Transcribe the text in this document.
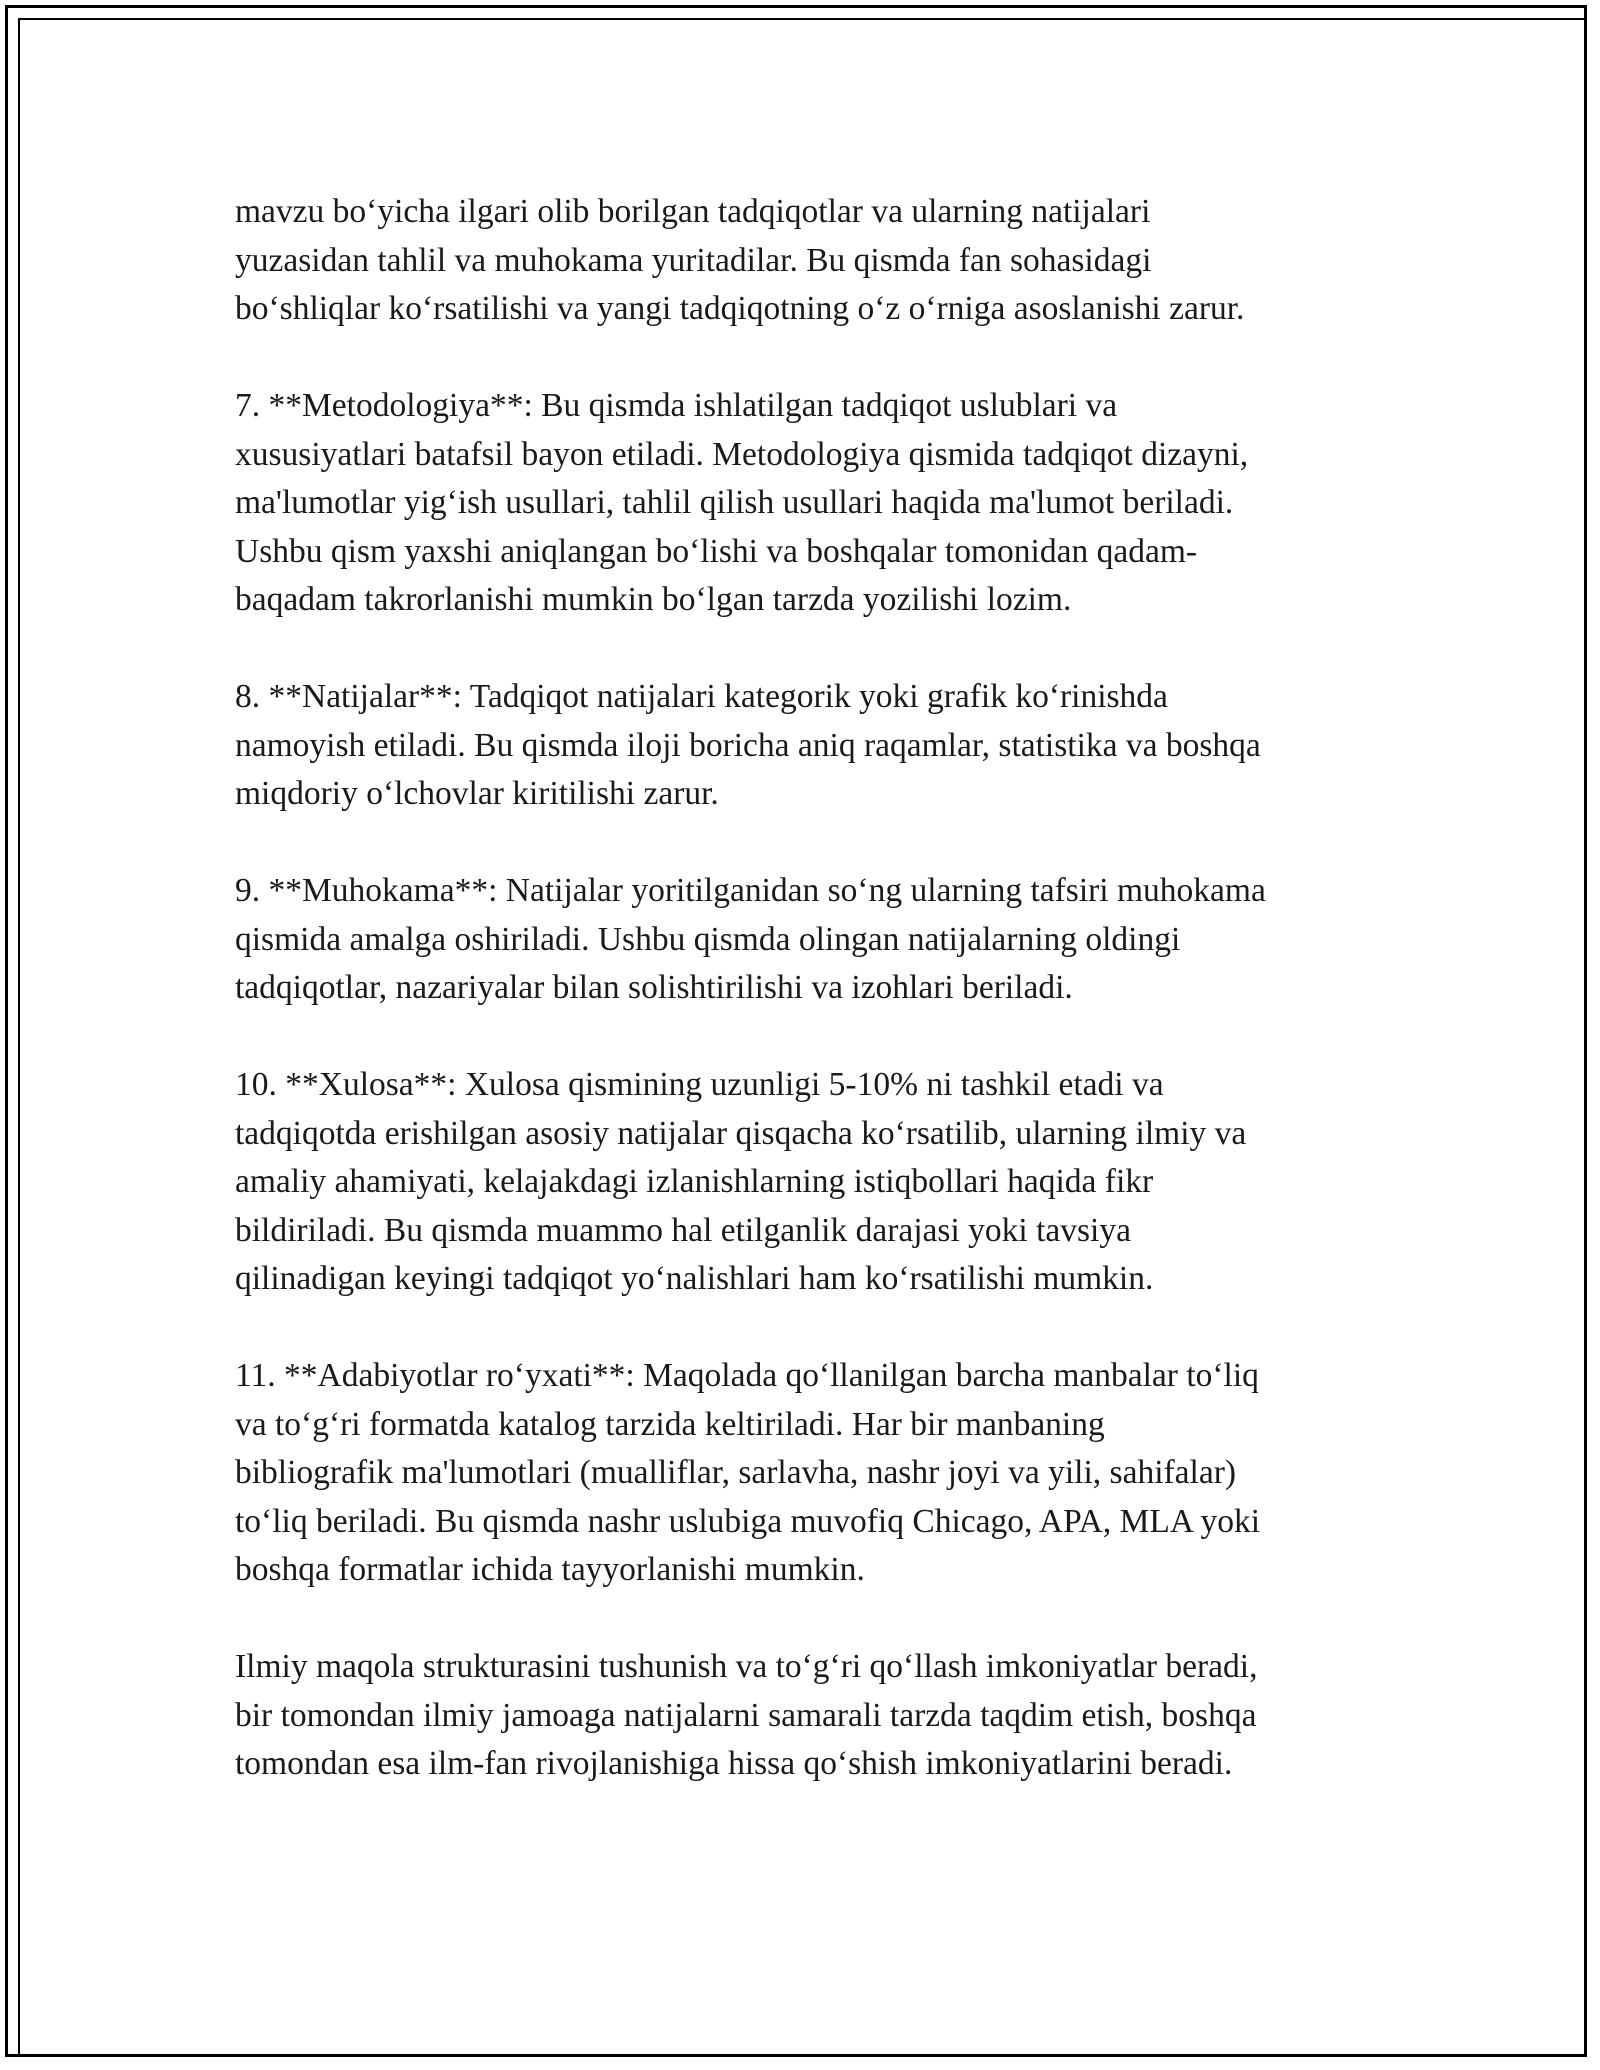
mavzu bo‘yicha ilgari olib borilgan tadqiqotlar va ularning natijalari
yuzasidan tahlil va muhokama yuritadilar. Bu qismda fan sohasidagi
bo‘shliqlar ko‘rsatilishi va yangi tadqiqotning o‘z o‘rniga asoslanishi zarur.

7. **Metodologiya**: Bu qismda ishlatilgan tadqiqot uslublari va
xususiyatlari batafsil bayon etiladi. Metodologiya qismida tadqiqot dizayni,
ma'lumotlar yig‘ish usullari, tahlil qilish usullari haqida ma'lumot beriladi.
Ushbu qism yaxshi aniqlangan bo‘lishi va boshqalar tomonidan qadam-
baqadam takrorlanishi mumkin bo‘lgan tarzda yozilishi lozim.

8. **Natijalar**: Tadqiqot natijalari kategorik yoki grafik ko‘rinishda
namoyish etiladi. Bu qismda iloji boricha aniq raqamlar, statistika va boshqa
miqdoriy o‘lchovlar kiritilishi zarur.

9. **Muhokama**: Natijalar yoritilganidan so‘ng ularning tafsiri muhokama
qismida amalga oshiriladi. Ushbu qismda olingan natijalarning oldingi
tadqiqotlar, nazariyalar bilan solishtirilishi va izohlari beriladi.

10. **Xulosa**: Xulosa qismining uzunligi 5-10% ni tashkil etadi va
tadqiqotda erishilgan asosiy natijalar qisqacha ko‘rsatilib, ularning ilmiy va
amaliy ahamiyati, kelajakdagi izlanishlarning istiqbollari haqida fikr
bildiriladi. Bu qismda muammo hal etilganlik darajasi yoki tavsiya
qilinadigan keyingi tadqiqot yo‘nalishlari ham ko‘rsatilishi mumkin.

11. **Adabiyotlar ro‘yxati**: Maqolada qo‘llanilgan barcha manbalar to‘liq
va to‘g‘ri formatda katalog tarzida keltiriladi. Har bir manbaning
bibliografik ma'lumotlari (mualliflar, sarlavha, nashr joyi va yili, sahifalar)
to‘liq beriladi. Bu qismda nashr uslubiga muvofiq Chicago, APA, MLA yoki
boshqa formatlar ichida tayyorlanishi mumkin.

Ilmiy maqola strukturasini tushunish va to‘g‘ri qo‘llash imkoniyatlar beradi,
bir tomondan ilmiy jamoaga natijalarni samarali tarzda taqdim etish, boshqa
tomondan esa ilm-fan rivojlanishiga hissa qo‘shish imkoniyatlarini beradi.
